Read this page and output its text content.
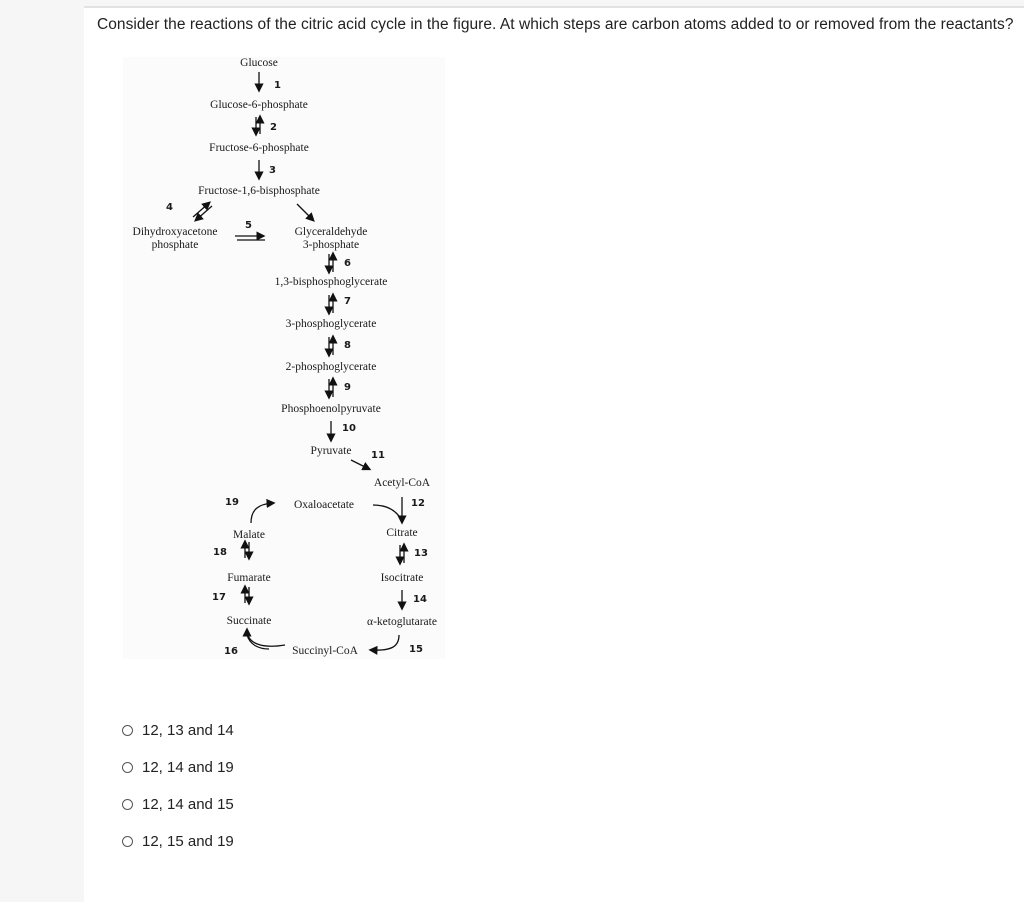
Consider the reactions of the citric acid cycle in the figure. At which steps are carbon atoms added to or removed from the reactants?
Glucose
Glucose-6-phosphate
Fructose-6-phosphate
Fructose-1,6-bisphosphate
Dihydroxyacetone
phosphate
Glyceraldehyde
3-phosphate
1,3-bisphosphoglycerate
3-phosphoglycerate
2-phosphoglycerate
Phosphoenolpyruvate
Pyruvate
Acetyl-CoA
Oxaloacetate
Citrate
Isocitrate
α-ketoglutarate
Succinyl-CoA
Succinate
Fumarate
Malate
1
2
3
4
5
6
7
8
9
10
11
12
13
14
15
16
17
18
19
12, 13 and 14
12, 14 and 19
12, 14 and 15
12, 15 and 19
